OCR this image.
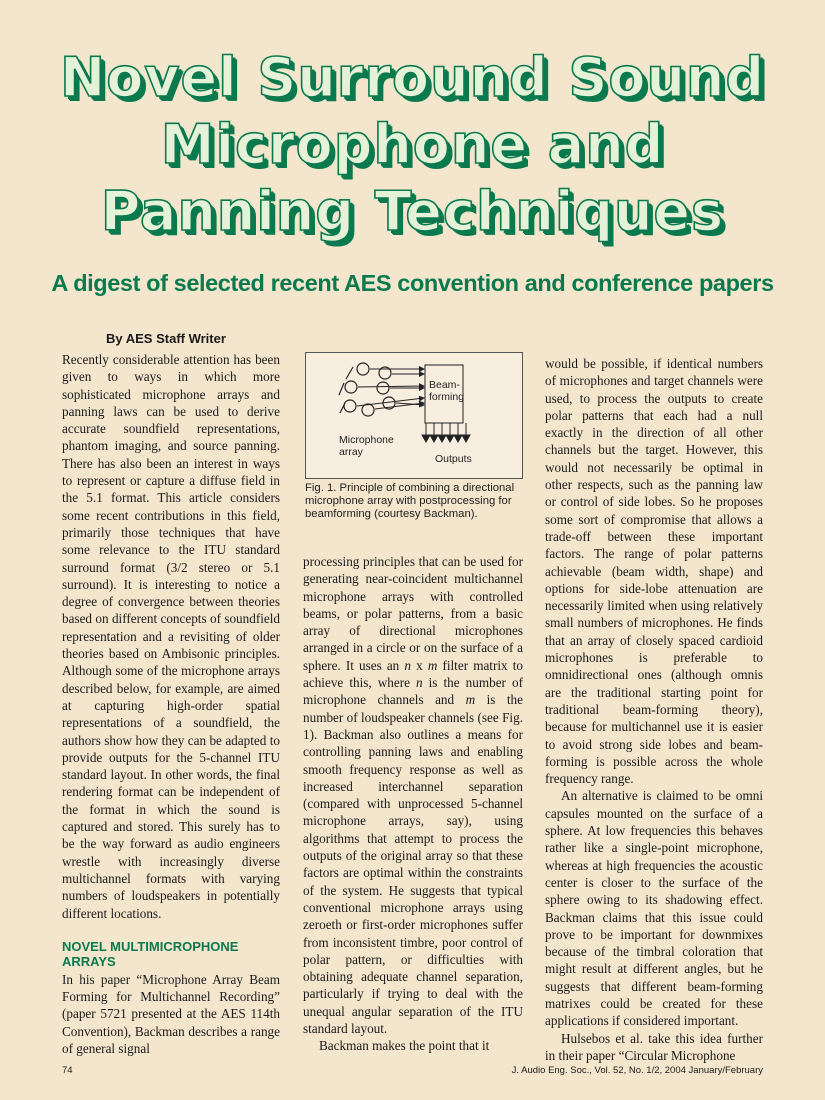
Novel Surround Sound
Microphone and
Panning Techniques
A digest of selected recent AES convention and conference papers
By AES Staff Writer

Recently considerable attention has been given to ways in which more sophisticated microphone arrays and panning laws can be used to derive accurate soundfield representations, phantom imaging, and source panning. There has also been an interest in ways to represent or capture a diffuse field in the 5.1 format. This article considers some recent contributions in this field, primarily those techniques that have some relevance to the ITU standard surround format (3/2 stereo or 5.1 surround). It is interesting to notice a degree of convergence between theories based on different concepts of soundfield representation and a revisiting of older theories based on Ambisonic principles. Although some of the microphone arrays described below, for example, are aimed at capturing high-order spatial representations of a soundfield, the authors show how they can be adapted to provide outputs for the 5-channel ITU standard layout. In other words, the final rendering format can be independent of the format in which the sound is captured and stored. This surely has to be the way forward as audio engineers wrestle with increasingly diverse multichannel formats with varying numbers of loudspeakers in potentially different locations.

NOVEL MULTIMICROPHONE ARRAYS

In his paper “Microphone Array Beam Forming for Multichannel Recording” (paper 5721 presented at the AES 114th Convention), Backman describes a range of general signal

Beam-
forming
Microphone
array
Outputs
Fig. 1. Principle of combining a directional microphone array with postprocessing for beamforming (courtesy Backman).

processing principles that can be used for generating near-coincident multichannel microphone arrays with controlled beams, or polar patterns, from a basic array of directional microphones arranged in a circle or on the surface of a sphere. It uses an n x m filter matrix to achieve this, where n is the number of microphone channels and m is the number of loudspeaker channels (see Fig. 1). Backman also outlines a means for controlling panning laws and enabling smooth frequency response as well as increased interchannel separation (compared with unprocessed 5-channel microphone arrays, say), using algorithms that attempt to process the outputs of the original array so that these factors are optimal within the constraints of the system. He suggests that typical conventional microphone arrays using zeroeth or first-order microphones suffer from inconsistent timbre, poor control of polar pattern, or difficulties with obtaining adequate channel separation, particularly if trying to deal with the unequal angular separation of the ITU standard layout.

Backman makes the point that it

would be possible, if identical numbers of microphones and target channels were used, to process the outputs to create polar patterns that each had a null exactly in the direction of all other channels but the target. However, this would not necessarily be optimal in other respects, such as the panning law or control of side lobes. So he proposes some sort of compromise that allows a trade-off between these important factors. The range of polar patterns achievable (beam width, shape) and options for side-lobe attenuation are necessarily limited when using relatively small numbers of microphones. He finds that an array of closely spaced cardioid microphones is preferable to omnidirectional ones (although omnis are the traditional starting point for traditional beam-forming theory), because for multichannel use it is easier to avoid strong side lobes and beam-forming is possible across the whole frequency range.

An alternative is claimed to be omni capsules mounted on the surface of a sphere. At low frequencies this behaves rather like a single-point microphone, whereas at high frequencies the acoustic center is closer to the surface of the sphere owing to its shadowing effect. Backman claims that this issue could prove to be important for downmixes because of the timbral coloration that might result at different angles, but he suggests that different beam-forming matrixes could be created for these applications if considered important.

Hulsebos et al. take this idea further in their paper “Circular Microphone

74	J. Audio Eng. Soc., Vol. 52, No. 1/2, 2004 January/February
